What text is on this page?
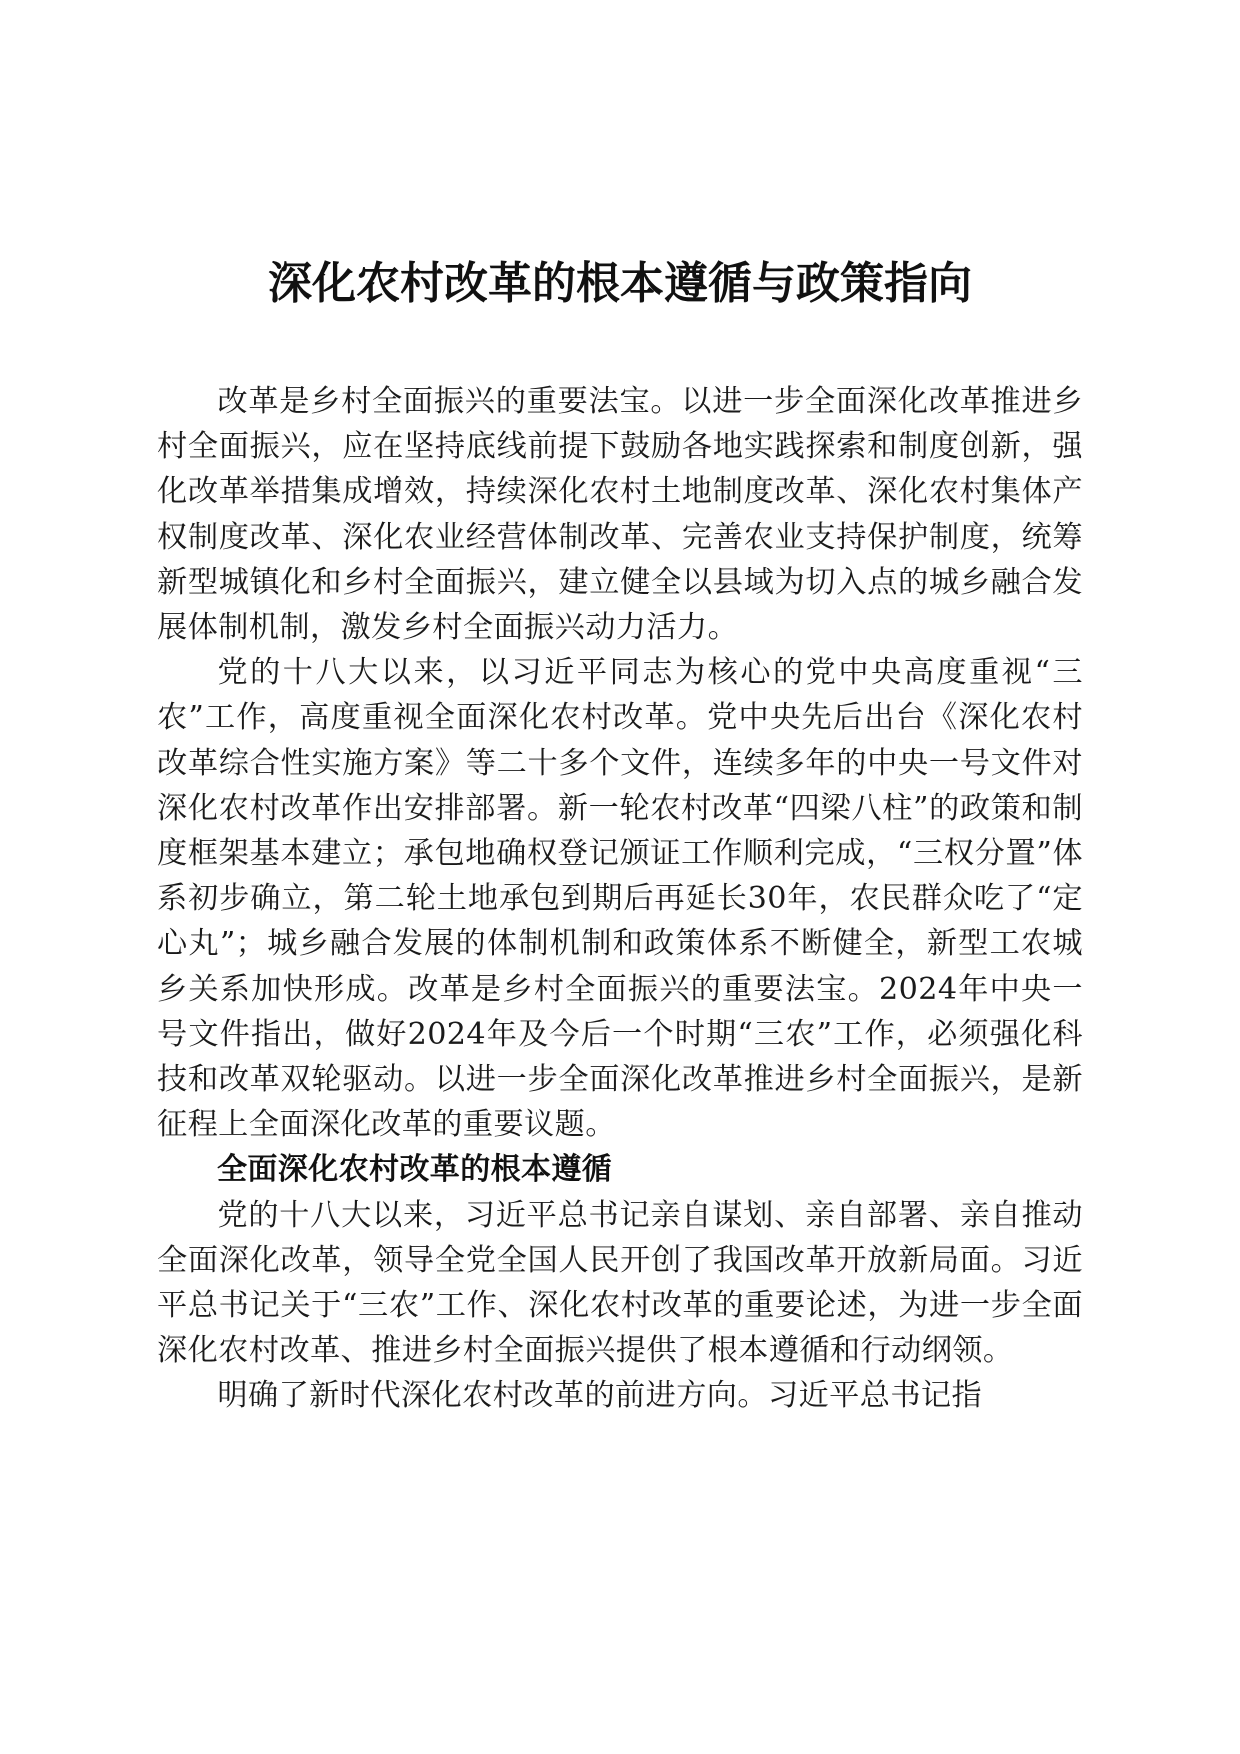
深化农村改革的根本遵循与政策指向

改革是乡村全面振兴的重要法宝。以进一步全面深化改革推进乡村全面振兴，应在坚持底线前提下鼓励各地实践探索和制度创新，强化改革举措集成增效，持续深化农村土地制度改革、深化农村集体产权制度改革、深化农业经营体制改革、完善农业支持保护制度，统筹新型城镇化和乡村全面振兴，建立健全以县域为切入点的城乡融合发展体制机制，激发乡村全面振兴动力活力。

党的十八大以来，以习近平同志为核心的党中央高度重视“三农”工作，高度重视全面深化农村改革。党中央先后出台《深化农村改革综合性实施方案》等二十多个文件，连续多年的中央一号文件对深化农村改革作出安排部署。新一轮农村改革“四梁八柱”的政策和制度框架基本建立；承包地确权登记颁证工作顺利完成，“三权分置”体系初步确立，第二轮土地承包到期后再延长30年，农民群众吃了“定心丸”；城乡融合发展的体制机制和政策体系不断健全，新型工农城乡关系加快形成。改革是乡村全面振兴的重要法宝。2024年中央一号文件指出，做好2024年及今后一个时期“三农”工作，必须强化科技和改革双轮驱动。以进一步全面深化改革推进乡村全面振兴，是新征程上全面深化改革的重要议题。

全面深化农村改革的根本遵循

党的十八大以来，习近平总书记亲自谋划、亲自部署、亲自推动全面深化改革，领导全党全国人民开创了我国改革开放新局面。习近平总书记关于“三农”工作、深化农村改革的重要论述，为进一步全面深化农村改革、推进乡村全面振兴提供了根本遵循和行动纲领。

明确了新时代深化农村改革的前进方向。习近平总书记指
